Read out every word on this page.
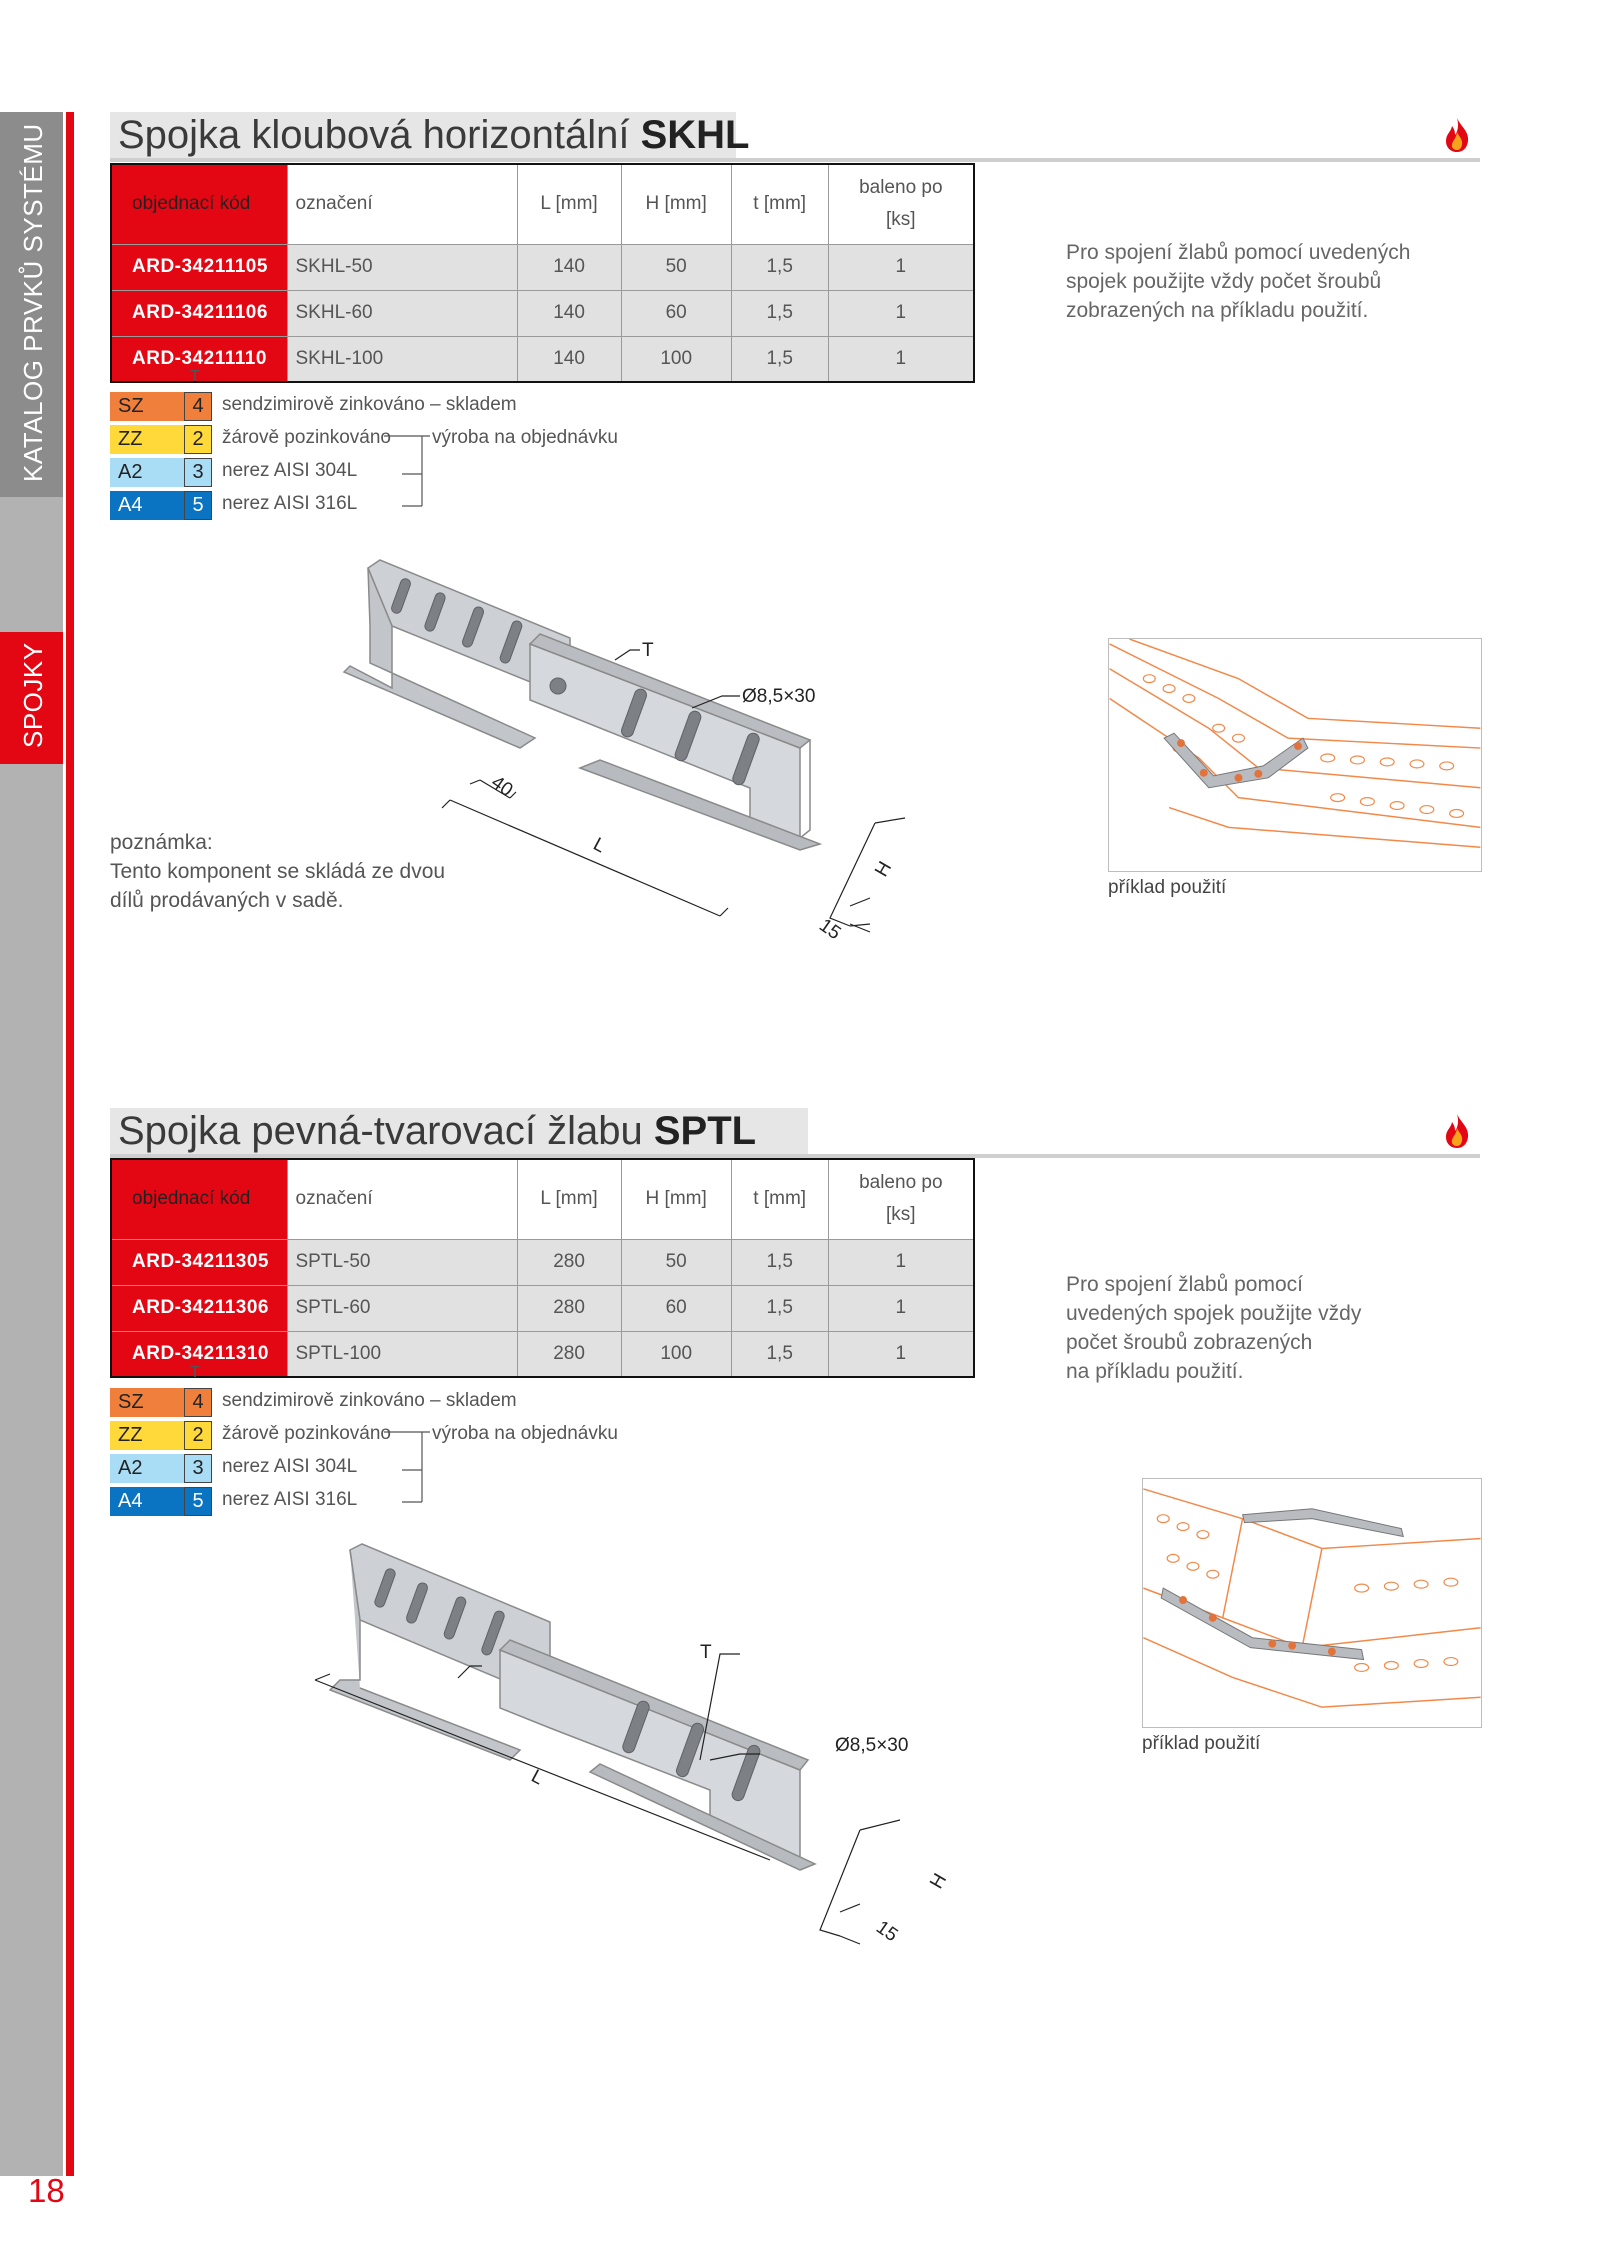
KATALOG PRVKŮ SYSTÉMU
SPOJKY
18
Spojka kloubová horizontální SKHL
objednací kód	označení	L [mm]	H [mm]	t [mm]	baleno po
[ks]

ARD-34211105	SKHL-50	140	50	1,5	1
ARD-34211106	SKHL-60	140	60	1,5	1
ARD-34211110	SKHL-100	140	100	1,5	1
T
SZ	4 sendzimirově zinkováno – skladem
ZZ	2 žárově pozinkováno výroba na objednávku
A2	3 nerez AISI 304L
A4	5 nerez AISI 316L
Pro spojení žlabů pomocí uvedených spojek použijte vždy počet šroubů zobrazených na příkladu použití.
T
Ø8,5×30
40
L
H
15
poznámka:
Tento komponent se skládá ze dvou dílů prodávaných v sadě.
příklad použití
Spojka pevná-tvarovací žlabu SPTL
objednací kód	označení	L [mm]	H [mm]	t [mm]	baleno po
[ks]

ARD-34211305	SPTL-50	280	50	1,5	1
ARD-34211306	SPTL-60	280	60	1,5	1
ARD-34211310	SPTL-100	280	100	1,5	1
T
SZ	4 sendzimirově zinkováno – skladem
ZZ	2 žárově pozinkováno výroba na objednávku
A2	3 nerez AISI 304L
A4	5 nerez AISI 316L
Pro spojení žlabů pomocí
uvedených spojek použijte vždy
počet šroubů zobrazených
na příkladu použití.
T
Ø8,5×30
L
H
15
příklad použití
